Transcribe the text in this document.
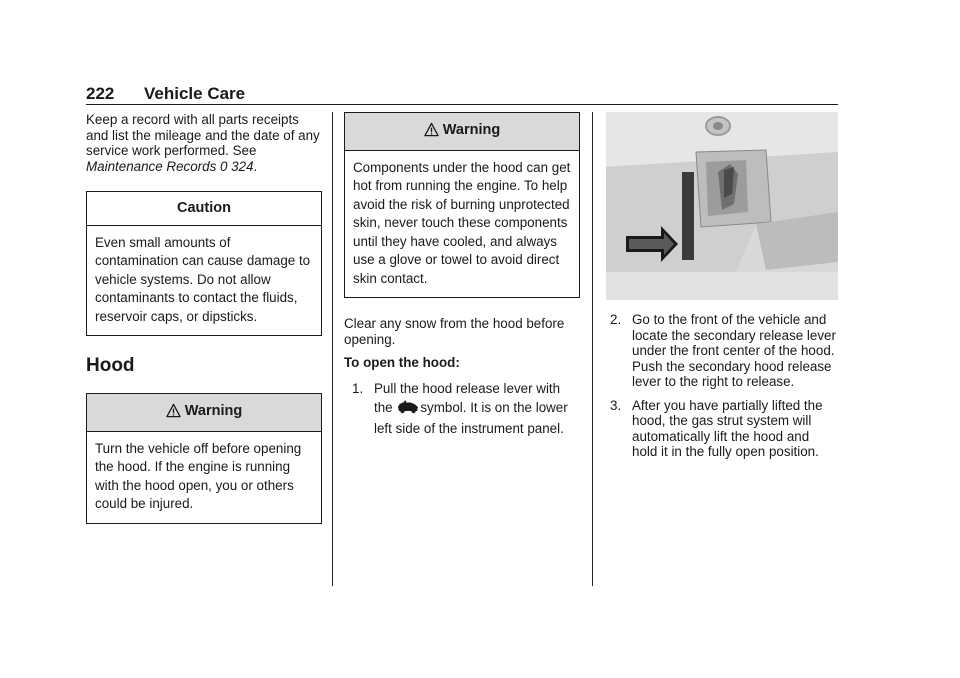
222 Vehicle Care

Keep a record with all parts receipts and list the mileage and the date of any service work performed. See Maintenance Records 0 324.

Caution
Even small amounts of contamination can cause damage to vehicle systems. Do not allow contaminants to contact the fluids, reservoir caps, or dipsticks.
Hood
Warning
Turn the vehicle off before opening the hood. If the engine is running with the hood open, you or others could be injured.
Warning
Components under the hood can get hot from running the engine. To help avoid the risk of burning unprotected skin, never touch these components until they have cooled, and always use a glove or towel to avoid direct skin contact.

Clear any snow from the hood before opening.

To open the hood:

1. Pull the hood release lever with the symbol. It is on the lower left side of the instrument panel.
2. Go to the front of the vehicle and locate the secondary release lever under the front center of the hood. Push the secondary hood release lever to the right to release.
3. After you have partially lifted the hood, the gas strut system will automatically lift the hood and hold it in the fully open position.
